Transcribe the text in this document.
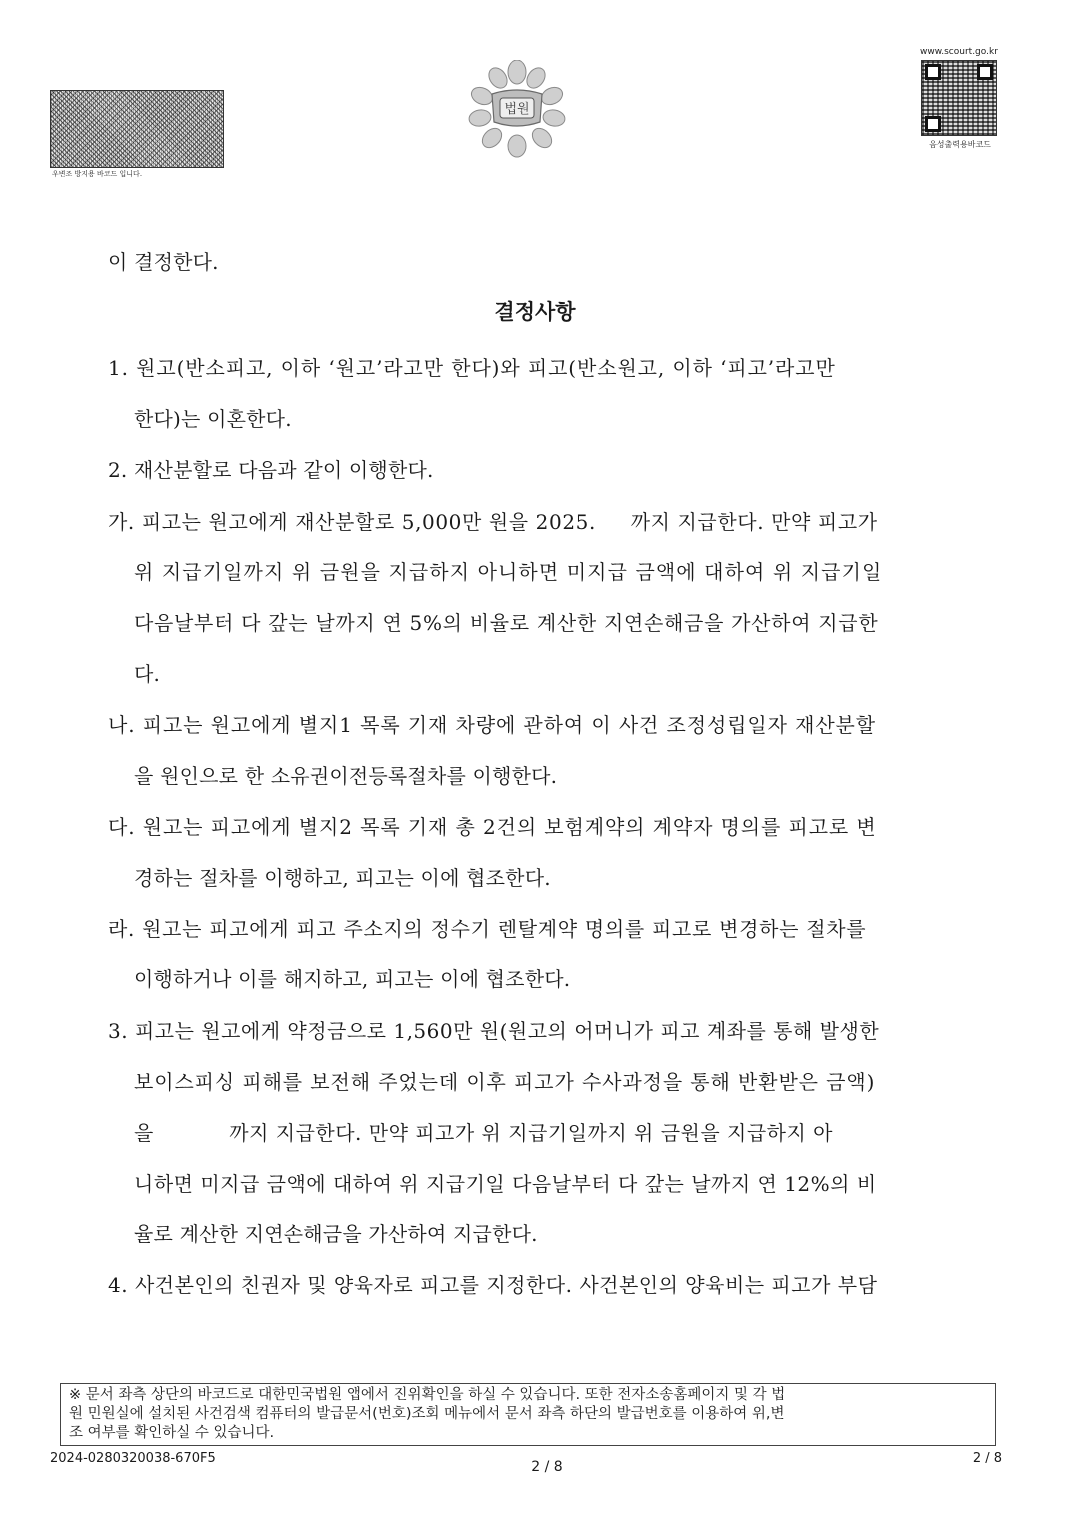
우변조 방지용 바코드 입니다.
법원
www.scourt.go.kr
음성출력용바코드
이 결정한다.
결정사항
1. 원고(반소피고, 이하 ‘원고’라고만 한다)와 피고(반소원고, 이하 ‘피고’라고만
한다)는 이혼한다.
2. 재산분할로 다음과 같이 이행한다.
가. 피고는 원고에게 재산분할로 5,000만 원을 2025.     까지 지급한다. 만약 피고가
위 지급기일까지 위 금원을 지급하지 아니하면 미지급 금액에 대하여 위 지급기일
다음날부터 다 갚는 날까지 연 5%의 비율로 계산한 지연손해금을 가산하여 지급한
다.
나. 피고는 원고에게 별지1 목록 기재 차량에 관하여 이 사건 조정성립일자 재산분할
을 원인으로 한 소유권이전등록절차를 이행한다.
다. 원고는 피고에게 별지2 목록 기재 총 2건의 보험계약의 계약자 명의를 피고로 변
경하는 절차를 이행하고, 피고는 이에 협조한다.
라. 원고는 피고에게 피고 주소지의 정수기 렌탈계약 명의를 피고로 변경하는 절차를
이행하거나 이를 해지하고, 피고는 이에 협조한다.
3. 피고는 원고에게 약정금으로 1,560만 원(원고의 어머니가 피고 계좌를 통해 발생한
보이스피싱 피해를 보전해 주었는데 이후 피고가 수사과정을 통해 반환받은 금액)
을           까지 지급한다. 만약 피고가 위 지급기일까지 위 금원을 지급하지 아
니하면 미지급 금액에 대하여 위 지급기일 다음날부터 다 갚는 날까지 연 12%의 비
율로 계산한 지연손해금을 가산하여 지급한다.
4. 사건본인의 친권자 및 양육자로 피고를 지정한다. 사건본인의 양육비는 피고가 부담
※ 문서 좌측 상단의 바코드로 대한민국법원 앱에서 진위확인을 하실 수 있습니다. 또한 전자소송홈페이지 및 각 법
원 민원실에 설치된 사건검색 컴퓨터의 발급문서(번호)조회 메뉴에서 문서 좌측 하단의 발급번호를 이용하여 위,변
조 여부를 확인하실 수 있습니다.
2024-0280320038-670F5
2 / 8
2 / 8
